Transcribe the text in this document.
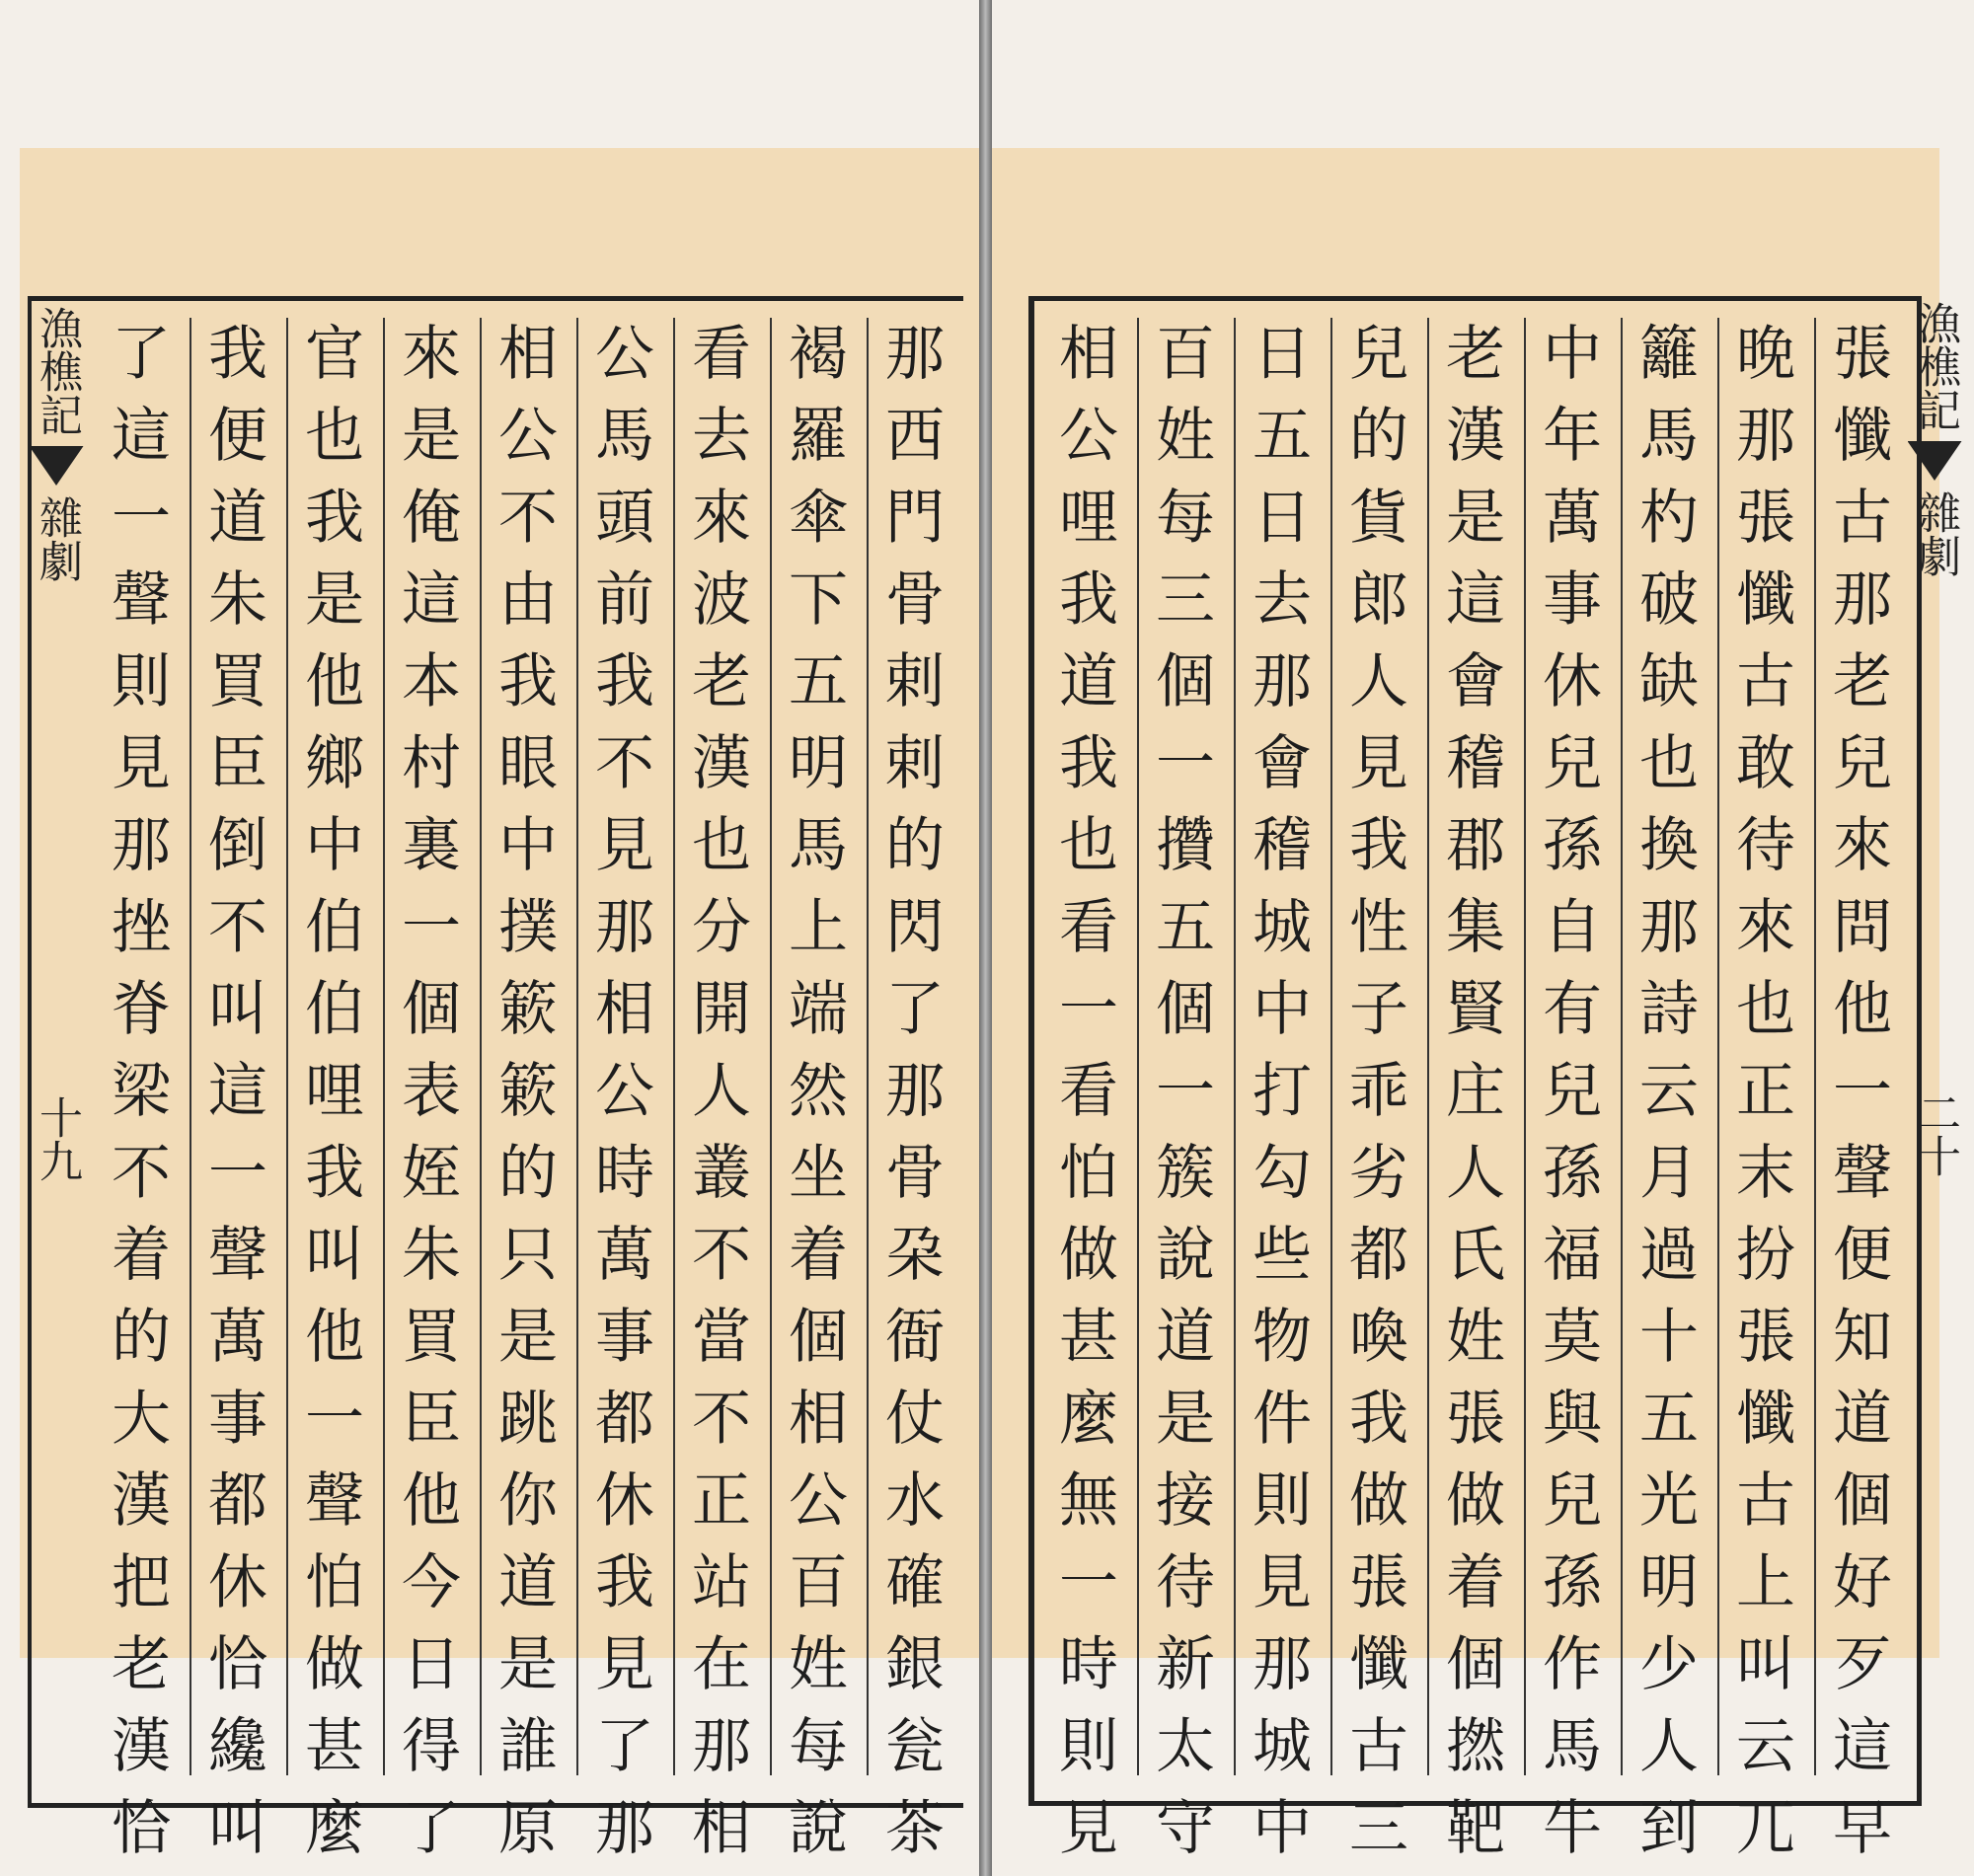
那
西
門
骨
剌
剌
的
閃
了
那
骨
朶
衙
仗
水
確
銀
瓮
茶
褐
羅
傘
下
五
明
馬
上
端
然
坐
着
個
相
公
百
姓
每
說
看
去
來
波
老
漢
也
分
開
人
叢
不
當
不
正
站
在
那
相
公
馬
頭
前
我
不
見
那
相
公
時
萬
事
都
休
我
見
了
那
相
公
不
由
我
眼
中
撲
簌
簌
的
只
是
跳
你
道
是
誰
原
來
是
俺
這
本
村
裏
一
個
表
姪
朱
買
臣
他
今
日
得
了
官
也
我
是
他
鄉
中
伯
伯
哩
我
叫
他
一
聲
怕
做
甚
麼
我
便
道
朱
買
臣
倒
不
叫
這
一
聲
萬
事
都
休
恰
纔
叫
了
這
一
聲
則
見
那
挫
脊
梁
不
着
的
大
漢
把
老
漢
恰
張
懺
古
那
老
兒
來
問
他
一
聲
便
知
道
個
好
歹
這
早
晚
那
張
懺
古
敢
待
來
也
正
末
扮
張
懺
古
上
叫
云
兀
籬
馬
杓
破
缺
也
換
那
詩
云
月
過
十
五
光
明
少
人
到
中
年
萬
事
休
兒
孫
自
有
兒
孫
福
莫
與
兒
孫
作
馬
牛
老
漢
是
這
會
稽
郡
集
賢
庄
人
氏
姓
張
做
着
個
撚
靶
兒
的
貨
郎
人
見
我
性
子
乖
劣
都
喚
我
做
張
懺
古
三
日
五
日
去
那
會
稽
城
中
打
勾
些
物
件
則
見
那
城
中
百
姓
每
三
個
一
攢
五
個
一
簇
說
道
是
接
待
新
太
守
相
公
哩
我
道
我
也
看
一
看
怕
做
甚
麼
無
一
時
則
見
漁樵記
雜劇
十九
漁樵記
雜劇
二十
